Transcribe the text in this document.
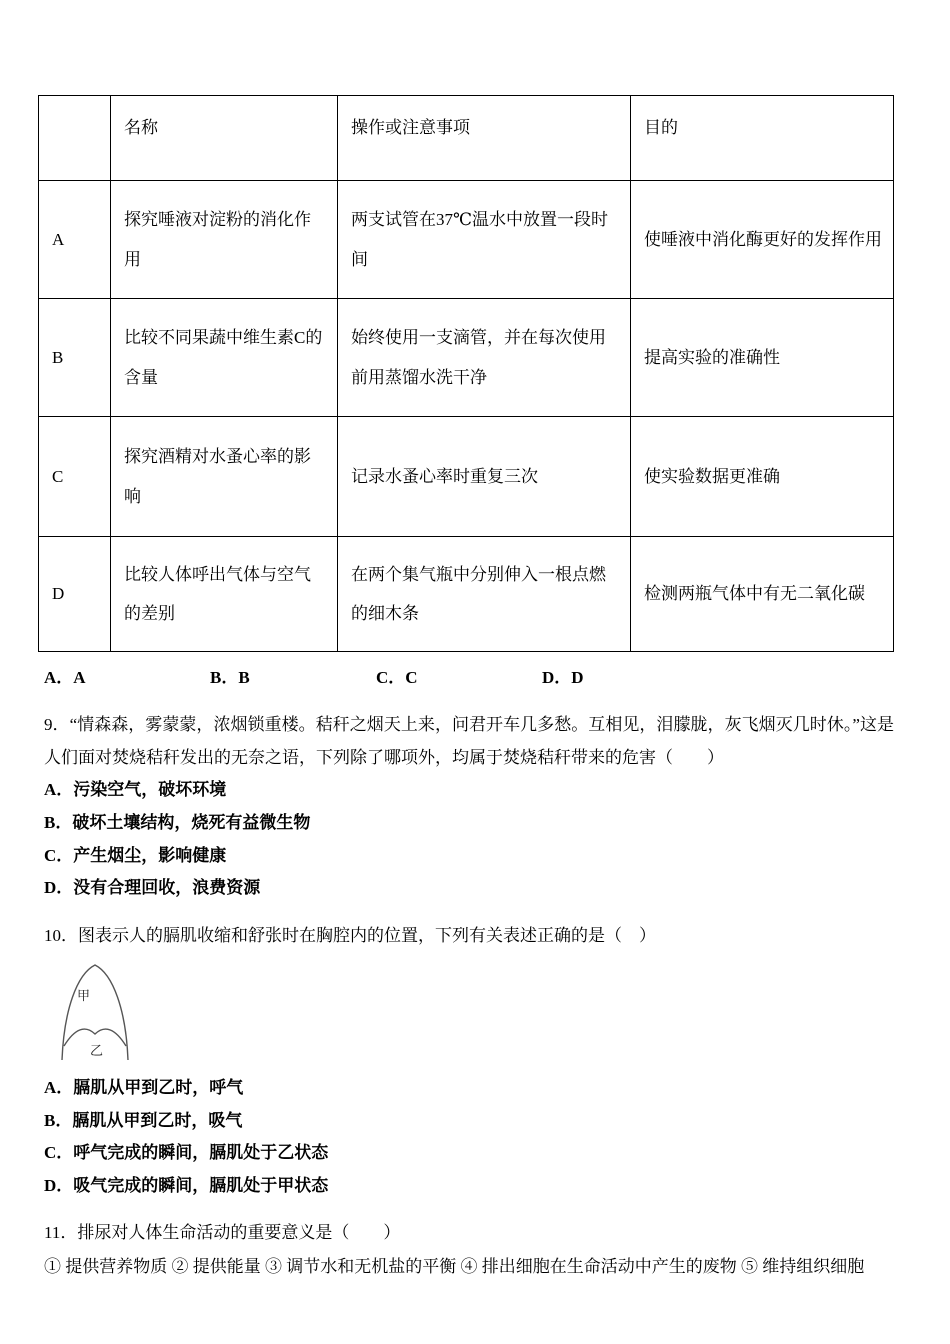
	名称	操作或注意事项	目的
A	探究唾液对淀粉的消化作用	两支试管在37℃温水中放置一段时间	使唾液中消化酶更好的发挥作用
B	比较不同果蔬中维生素C的含量	始终使用一支滴管，并在每次使用前用蒸馏水洗干净	提高实验的准确性
C	探究酒精对水蚤心率的影响	记录水蚤心率时重复三次	使实验数据更准确
D	比较人体呼出气体与空气的差别	在两个集气瓶中分别伸入一根点燃的细木条	检测两瓶气体中有无二氧化碳
A．A	B．B	C．C	D．D
9．“情森森，雾蒙蒙，浓烟锁重楼。秸秆之烟天上来，问君开车几多愁。互相见，泪朦胧，灰飞烟灭几时休。”这是人们面对焚烧秸秆发出的无奈之语，下列除了哪项外，均属于焚烧秸秆带来的危害（　　）
A．污染空气，破坏环境
B．破坏土壤结构，烧死有益微生物
C．产生烟尘，影响健康
D．没有合理回收，浪费资源
10．图表示人的膈肌收缩和舒张时在胸腔内的位置，下列有关表述正确的是（　）
甲
乙
A．膈肌从甲到乙时，呼气
B．膈肌从甲到乙时，吸气
C．呼气完成的瞬间，膈肌处于乙状态
D．吸气完成的瞬间，膈肌处于甲状态
11．排尿对人体生命活动的重要意义是（　　）
① 提供营养物质 ② 提供能量 ③ 调节水和无机盐的平衡 ④ 排出细胞在生命活动中产生的废物 ⑤ 维持组织细胞
